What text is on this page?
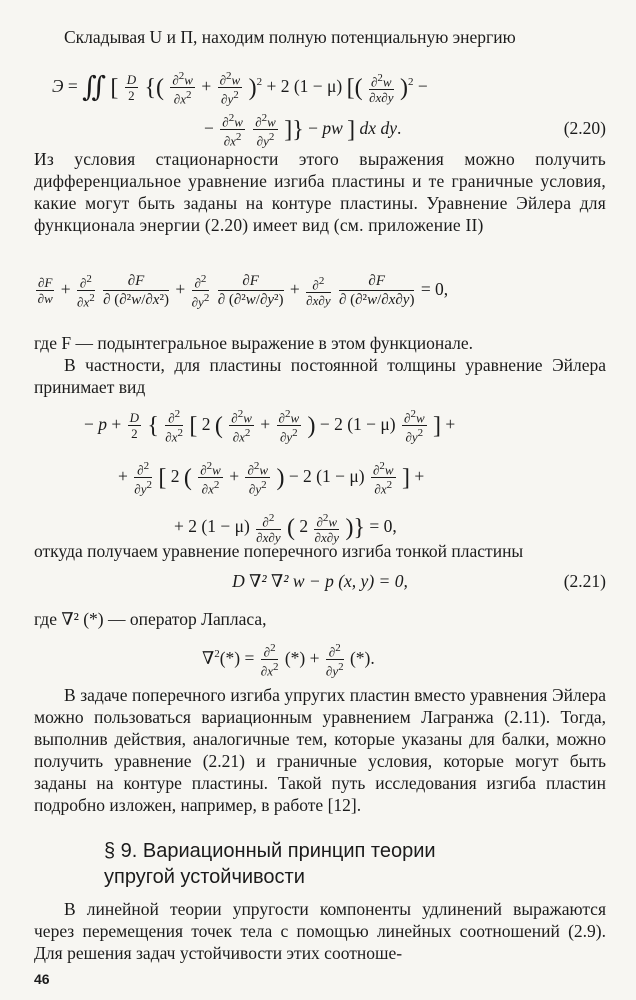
Складывая U и П, находим полную потенциальную энергию

Э = ∬ [ $\frac{D}{2}$ {( $\frac{\partial^2w}{\partial x^2} + \frac{\partial^2w}{\partial y^2} )^2 + 2$ (1 − μ) [( $\frac{\partial^2w}{\partial x\partial y} )^2$ −
− $\frac{\partial^2w}{\partial x^2}$
$\frac{\partial^2w}{\partial y^2}$ ]} − pw ] dx dy.	(2.20)

Из условия стационарности этого выражения можно получить дифференциальное уравнение изгиба пластины и те граничные условия, какие могут быть заданы на контуре пластины. Уравнение Эйлера для функционала энергии (2.20) имеет вид (см. приложение II)

$\frac{\partial F}{\partial w} + \frac{\partial^2}{\partial x^2}$
$\frac{\partial F}{\text{∂ (∂²w/∂x²)}} + \frac{\partial^2}{\partial y^2}$
$\frac{\partial F}{\text{∂ (∂²w/∂y²)}} + \frac{\partial^2}{\partial x\partial y}$
$\frac{\partial F}{\text{∂ (∂²w/∂x∂y)}} = 0$,

где F — подынтегральное выражение в этом функционале.

В частности, для пластины постоянной толщины уравнение Эйлера принимает вид

− $p + \frac{D}{2}$ { $\frac{\partial^2}{\partial x^2}$ [ 2 ( $\frac{\partial^2w}{\partial x^2} + \frac{\partial^2w}{\partial y^2}$ ) − 2 $(1 - \mu) \frac{\partial^2w}{\partial y^2}$ ] +
+ $\frac{\partial^2}{\partial y^2}$ [ 2 ( $\frac{\partial^2w}{\partial x^2} + \frac{\partial^2w}{\partial y^2}$ ) − 2 $(1 - \mu) \frac{\partial^2w}{\partial x^2}$ ] +
+ 2 $(1 - \mu) \frac{\partial^2}{\partial x\partial y}$ ( $2 \frac{\partial^2w}{\partial x\partial y}$ )} = 0,

откуда получаем уравнение поперечного изгиба тонкой пластины

D ∇² ∇² w − p (x, y) = 0,	(2.21)

где ∇² (*) — оператор Лапласа,

$\nabla^2(*) = \frac{\partial^2}{\partial x^2}$ (*) + $\frac{\partial^2}{\partial y^2}$ (*).

В задаче поперечного изгиба упругих пластин вместо уравнения Эйлера можно пользоваться вариационным уравнением Лагранжа (2.11). Тогда, выполнив действия, аналогичные тем, которые указаны для балки, можно получить уравнение (2.21) и граничные условия, которые могут быть заданы на контуре пластины. Такой путь исследования изгиба пластин подробно изложен, например, в работе [12].

§ 9. Вариационный принцип теории

упругой устойчивости

В линейной теории упругости компоненты удлинений выражаются через перемещения точек тела с помощью линейных соотношений (2.9). Для решения задач устойчивости этих соотноше-

46
